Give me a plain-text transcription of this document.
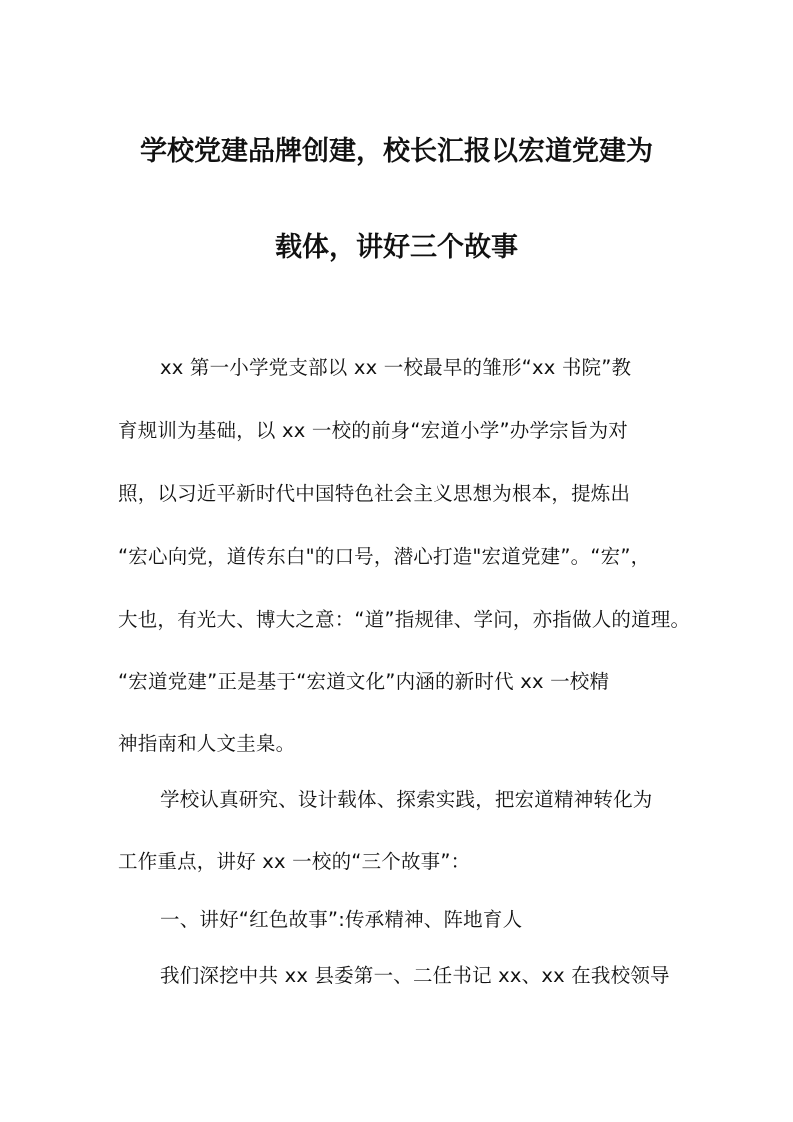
学校党建品牌创建，校长汇报以宏道党建为
载体，讲好三个故事
xx 第一小学党支部以 xx 一校最早的雏形“xx 书院”教
育规训为基础，以 xx 一校的前身“宏道小学”办学宗旨为对
照，以习近平新时代中国特色社会主义思想为根本，提炼出
“宏心向党，道传东白"的口号，潜心打造"宏道党建”。“宏”，
大也，有光大、博大之意：“道”指规律、学问，亦指做人的道理。
“宏道党建”正是基于“宏道文化”内涵的新时代 xx 一校精
神指南和人文圭臬。
学校认真研究、设计载体、探索实践，把宏道精神转化为
工作重点，讲好 xx 一校的“三个故事”：
一、讲好“红色故事”:传承精神、阵地育人
我们深挖中共 xx 县委第一、二任书记 xx、xx 在我校领导
